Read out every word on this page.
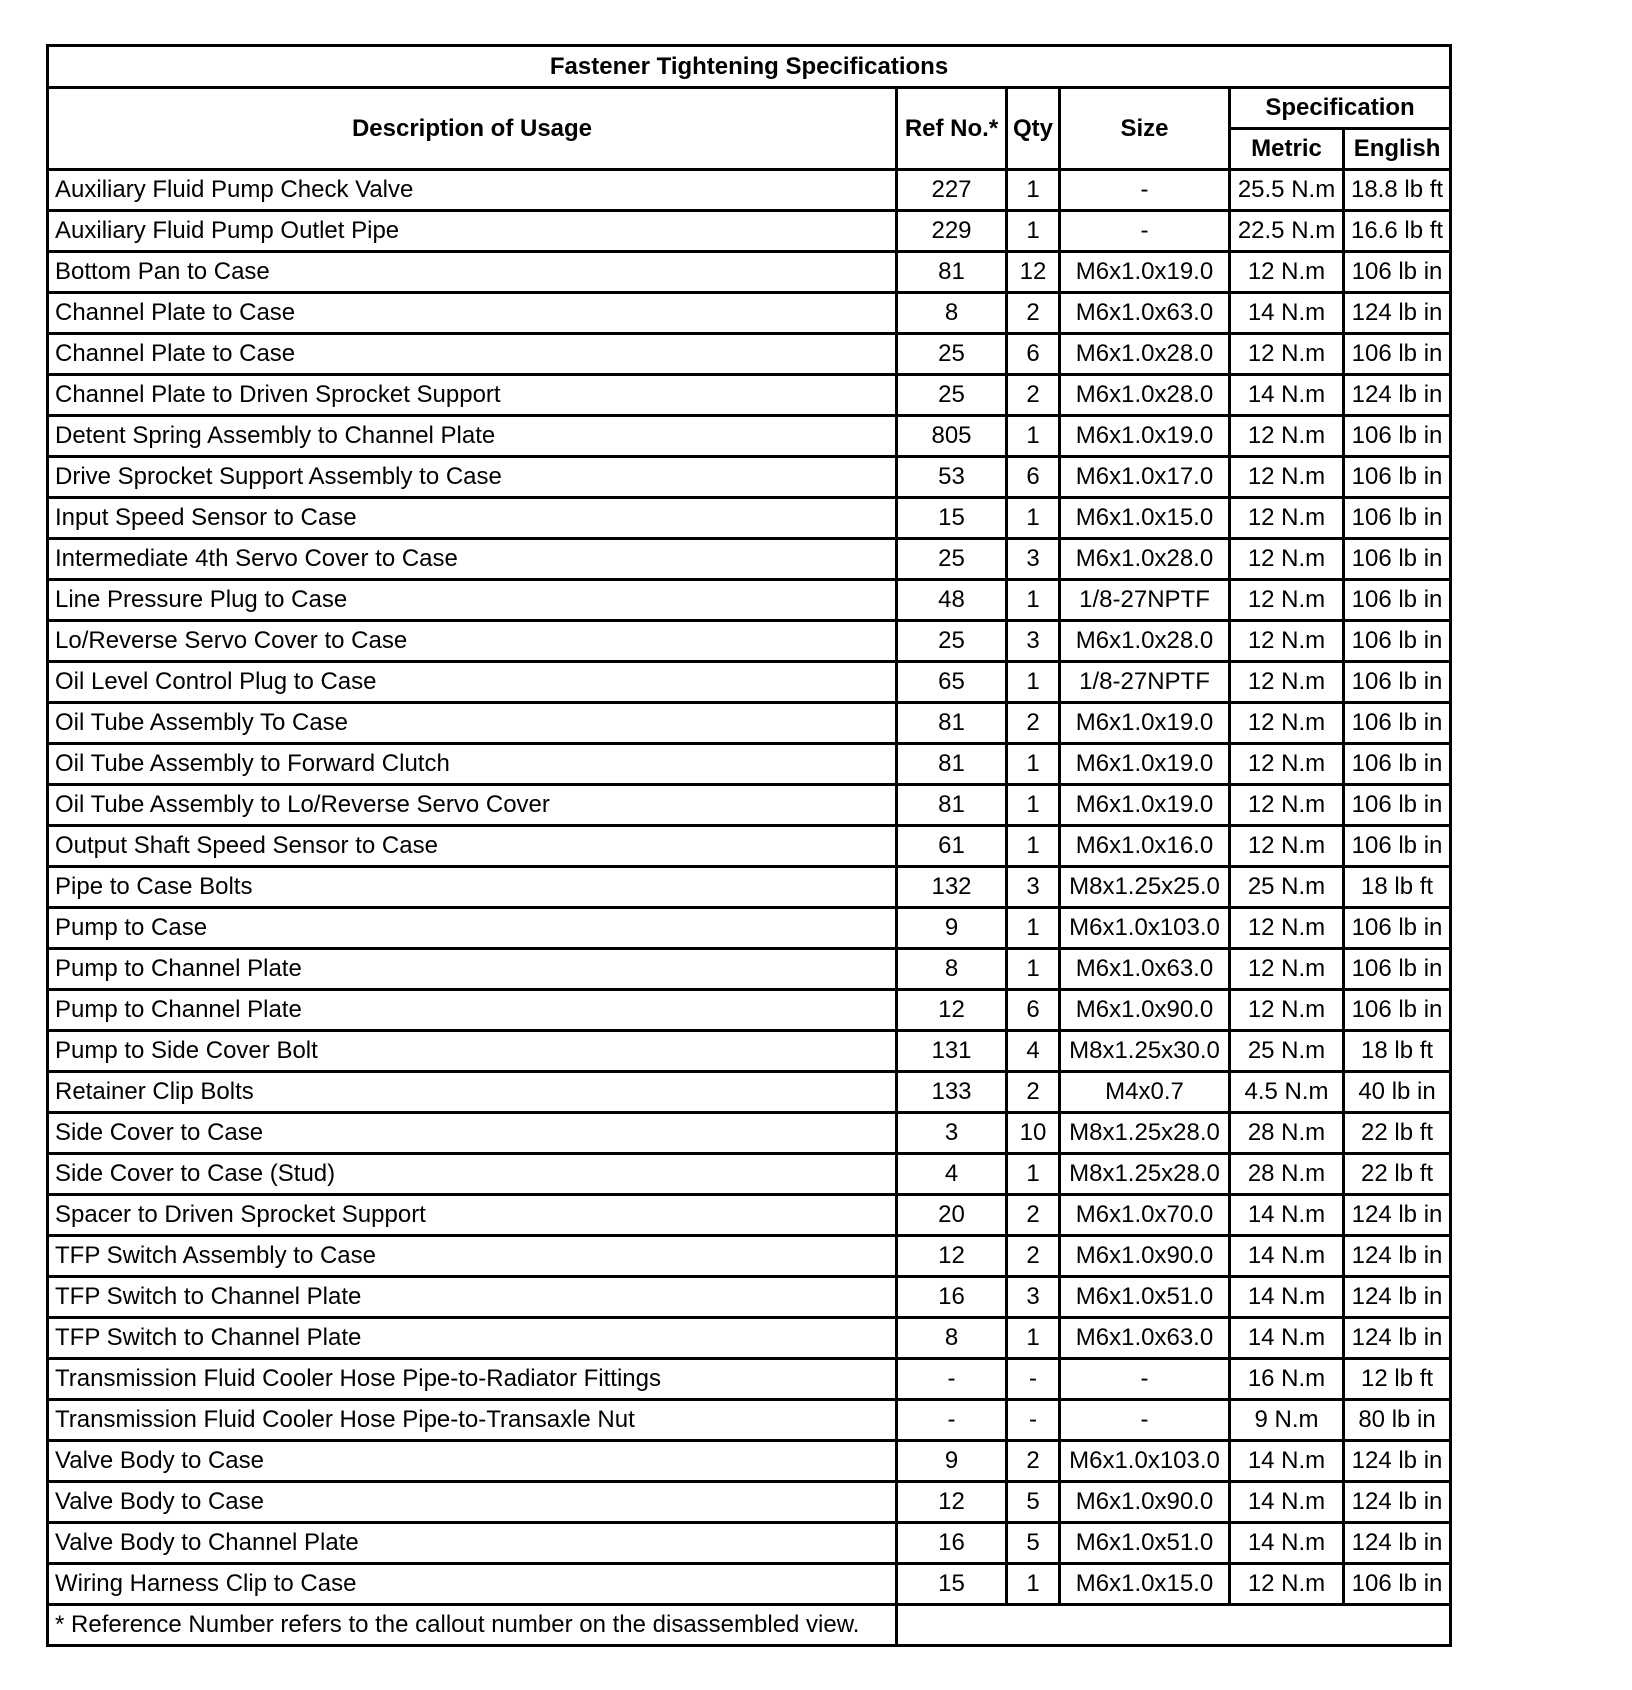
Fastener Tightening Specifications					
Description of Usage	Ref No.*	Qty	Size	Specification	
				Metric	English
Auxiliary Fluid Pump Check Valve	227	1	-	25.5 N.m	18.8 lb ft
Auxiliary Fluid Pump Outlet Pipe	229	1	-	22.5 N.m	16.6 lb ft
Bottom Pan to Case	81	12	M6x1.0x19.0	12 N.m	106 lb in
Channel Plate to Case	8	2	M6x1.0x63.0	14 N.m	124 lb in
Channel Plate to Case	25	6	M6x1.0x28.0	12 N.m	106 lb in
Channel Plate to Driven Sprocket Support	25	2	M6x1.0x28.0	14 N.m	124 lb in
Detent Spring Assembly to Channel Plate	805	1	M6x1.0x19.0	12 N.m	106 lb in
Drive Sprocket Support Assembly to Case	53	6	M6x1.0x17.0	12 N.m	106 lb in
Input Speed Sensor to Case	15	1	M6x1.0x15.0	12 N.m	106 lb in
Intermediate 4th Servo Cover to Case	25	3	M6x1.0x28.0	12 N.m	106 lb in
Line Pressure Plug to Case	48	1	1/8-27NPTF	12 N.m	106 lb in
Lo/Reverse Servo Cover to Case	25	3	M6x1.0x28.0	12 N.m	106 lb in
Oil Level Control Plug to Case	65	1	1/8-27NPTF	12 N.m	106 lb in
Oil Tube Assembly To Case	81	2	M6x1.0x19.0	12 N.m	106 lb in
Oil Tube Assembly to Forward Clutch	81	1	M6x1.0x19.0	12 N.m	106 lb in
Oil Tube Assembly to Lo/Reverse Servo Cover	81	1	M6x1.0x19.0	12 N.m	106 lb in
Output Shaft Speed Sensor to Case	61	1	M6x1.0x16.0	12 N.m	106 lb in
Pipe to Case Bolts	132	3	M8x1.25x25.0	25 N.m	18 lb ft
Pump to Case	9	1	M6x1.0x103.0	12 N.m	106 lb in
Pump to Channel Plate	8	1	M6x1.0x63.0	12 N.m	106 lb in
Pump to Channel Plate	12	6	M6x1.0x90.0	12 N.m	106 lb in
Pump to Side Cover Bolt	131	4	M8x1.25x30.0	25 N.m	18 lb ft
Retainer Clip Bolts	133	2	M4x0.7	4.5 N.m	40 lb in
Side Cover to Case	3	10	M8x1.25x28.0	28 N.m	22 lb ft
Side Cover to Case (Stud)	4	1	M8x1.25x28.0	28 N.m	22 lb ft
Spacer to Driven Sprocket Support	20	2	M6x1.0x70.0	14 N.m	124 lb in
TFP Switch Assembly to Case	12	2	M6x1.0x90.0	14 N.m	124 lb in
TFP Switch to Channel Plate	16	3	M6x1.0x51.0	14 N.m	124 lb in
TFP Switch to Channel Plate	8	1	M6x1.0x63.0	14 N.m	124 lb in
Transmission Fluid Cooler Hose Pipe-to-Radiator Fittings	-	-	-	16 N.m	12 lb ft
Transmission Fluid Cooler Hose Pipe-to-Transaxle Nut	-	-	-	9 N.m	80 lb in
Valve Body to Case	9	2	M6x1.0x103.0	14 N.m	124 lb in
Valve Body to Case	12	5	M6x1.0x90.0	14 N.m	124 lb in
Valve Body to Channel Plate	16	5	M6x1.0x51.0	14 N.m	124 lb in
Wiring Harness Clip to Case	15	1	M6x1.0x15.0	12 N.m	106 lb in
* Reference Number refers to the callout number on the disassembled view.					
